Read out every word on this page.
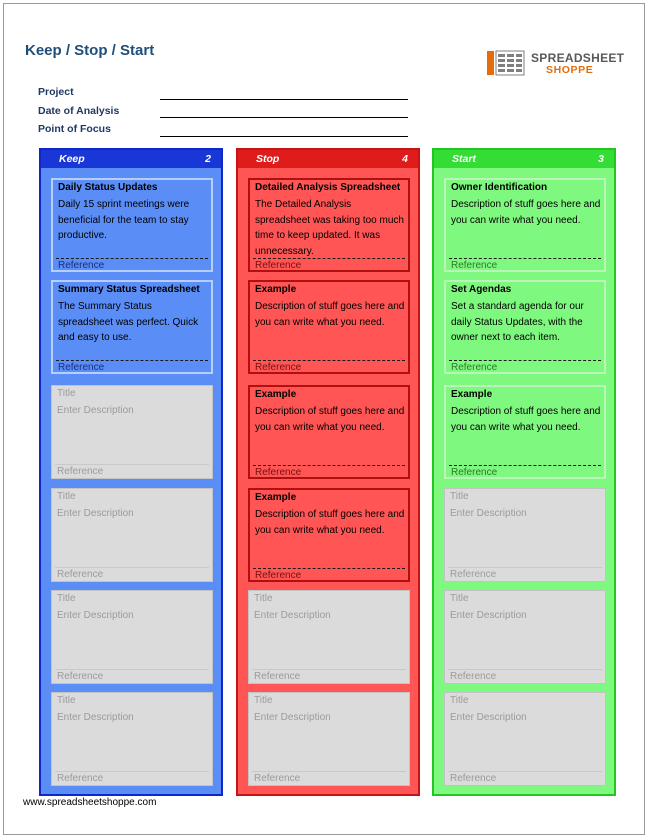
Keep / Stop / Start	SPREADSHEET
SHOPPE
Project
Date of Analysis
Point of Focus
Keep	2
Daily Status Updates
Daily 15 sprint meetings were beneficial for the team to stay productive.
Reference
Summary Status Spreadsheet
The Summary Status spreadsheet was perfect. Quick and easy to use.
Reference
Title
Enter Description
Reference
Title
Enter Description
Reference
Title
Enter Description
Reference
Title
Enter Description
Reference
Stop	4
Detailed Analysis Spreadsheet
The Detailed Analysis spreadsheet was taking too much time to keep updated. It was unnecessary.
Reference
Example
Description of stuff goes here and you can write what you need.
Reference
Example
Description of stuff goes here and you can write what you need.
Reference
Example
Description of stuff goes here and you can write what you need.
Reference
Title
Enter Description
Reference
Title
Enter Description
Reference
Start	3
Owner Identification
Description of stuff goes here and you can write what you need.
Reference
Set Agendas
Set a standard agenda for our daily Status Updates, with the owner next to each item.
Reference
Example
Description of stuff goes here and you can write what you need.
Reference
Title
Enter Description
Reference
Title
Enter Description
Reference
Title
Enter Description
Reference
www.spreadsheetshoppe.com
